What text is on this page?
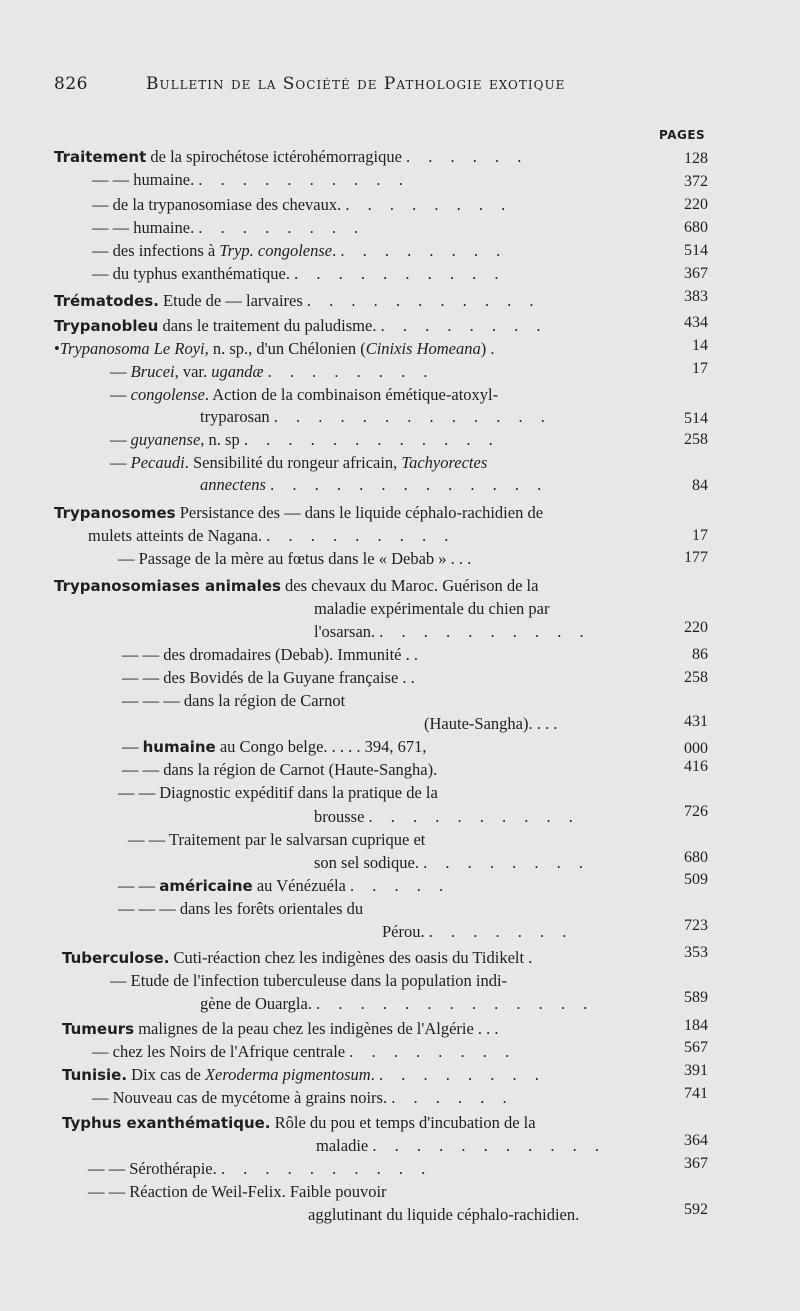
826	Bulletin de la Société de Pathologie exotique
PAGES
Traitement de la spirochétose ictérohémorragique . . . . . .	128
— — humaine. . . . . . . . . . .	372
— de la trypanosomiase des chevaux. . . . . . . . .	220
— — humaine. . . . . . . . .	680
— des infections à Tryp. congolense. . . . . . . . .	514
— du typhus exanthématique. . . . . . . . . . .	367
Trématodes. Etude de — larvaires . . . . . . . . . . .	383
Trypanobleu dans le traitement du paludisme. . . . . . . . .	434
•Trypanosoma Le Royi, n. sp., d'un Chélonien (Cinixis Homeana) .	14
— Brucei, var. ugandæ . . . . . . . .	17
— congolense. Action de la combinaison émétique-atoxyl-
tryparosan . . . . . . . . . . . . .	514
— guyanense, n. sp . . . . . . . . . . . .	258
— Pecaudi. Sensibilité du rongeur africain, Tachyorectes
annectens . . . . . . . . . . . . .	84
Trypanosomes Persistance des — dans le liquide céphalo-rachidien de
mulets atteints de Nagana. . . . . . . . . .	17
— Passage de la mère au fœtus dans le « Debab » . . .	177
Trypanosomiases animales des chevaux du Maroc. Guérison de la
maladie expérimentale du chien par
l'osarsan. . . . . . . . . . .	220
— — des dromadaires (Debab). Immunité . .	86
— — des Bovidés de la Guyane française . .	258
— — — dans la région de Carnot
(Haute-Sangha). . . .	431
— humaine au Congo belge. . . . . 394, 671,	000
— — dans la région de Carnot (Haute-Sangha).	416
— — Diagnostic expéditif dans la pratique de la
brousse . . . . . . . . . .	726
— — Traitement par le salvarsan cuprique et
son sel sodique. . . . . . . . .	680
— — américaine au Vénézuéla . . . . .	509
— — — dans les forêts orientales du
Pérou. . . . . . . .	723
Tuberculose. Cuti-réaction chez les indigènes des oasis du Tidikelt .	353
— Etude de l'infection tuberculeuse dans la population indi-
gène de Ouargla. . . . . . . . . . . . . .	589
Tumeurs malignes de la peau chez les indigènes de l'Algérie . . .	184
— chez les Noirs de l'Afrique centrale . . . . . . . .	567
Tunisie. Dix cas de Xeroderma pigmentosum. . . . . . . . .	391
— Nouveau cas de mycétome à grains noirs. . . . . . .	741
Typhus exanthématique. Rôle du pou et temps d'incubation de la
maladie . . . . . . . . . . .	364
— — Sérothérapie. . . . . . . . . . .	367
— — Réaction de Weil-Felix. Faible pouvoir
agglutinant du liquide céphalo-rachidien.	592
